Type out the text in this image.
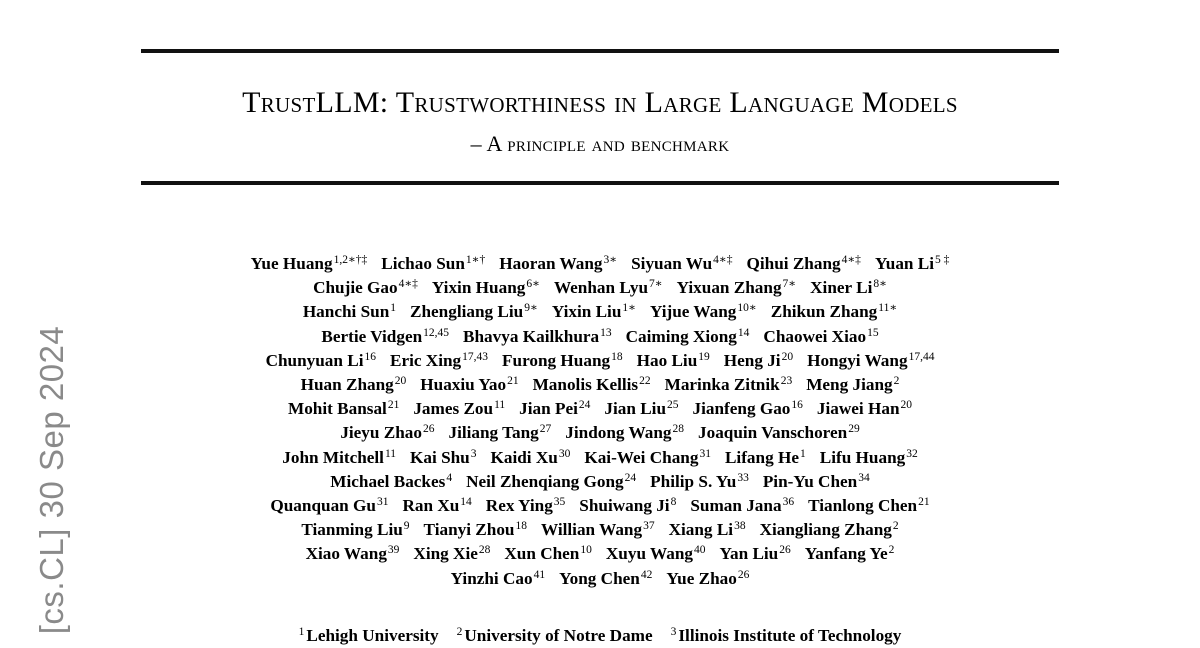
TrustLLM: Trustworthiness in Large Language Models
– A principle and benchmark
[cs.CL] 30 Sep 2024
Yue Huang$^{1,2∗\dagger\ddagger}$ Lichao Sun$^{1∗\dagger}$ Haoran Wang$^{3∗}$ Siyuan $Wu^{4∗\ddagger}$ Qihui Zhang$^{4∗\ddagger}$ Yuan $Li^{5 \ddagger}$
Chujie Gao$^{4∗\ddagger}$ Yixin Huang$^{6∗}$ Wenhan Lyu$^{7∗}$ Yixuan Zhang$^{7∗}$ Xiner $Li^{8∗}$
Hanchi Sun$^1$ Zhengliang Liu$^{9∗}$ Yixin Liu$^{1∗}$ Yijue Wang$^{10∗}$ Zhikun Zhang$^{11∗}$
Bertie Vidgen$^{12,45}$ Bhavya Kailkhura$^{13}$ Caiming Xiong$^{14}$ Chaowei Xiao$^{15}$
Chunyuan Li$^{16}$ Eric Xing$^{17,43}$ Furong Huang$^{18}$ Hao Liu$^{19}$ Heng Ji$^{20}$ Hongyi Wang$^{17,44}$
Huan Zhang$^{20}$ Huaxiu Yao$^{21}$ Manolis Kellis$^{22}$ Marinka Zitnik$^{23}$ Meng Jiang$^2$
Mohit Bansal$^{21}$ James Zou$^{11}$ Jian Pei$^{24}$ Jian Liu$^{25}$ Jianfeng Gao$^{16}$ Jiawei Han$^{20}$
Jieyu Zhao$^{26}$ Jiliang Tang$^{27}$ Jindong Wang$^{28}$ Joaquin Vanschoren$^{29}$
John Mitchell$^{11}$ Kai Shu$^3$ Kaidi Xu$^{30}$ Kai-Wei Chang$^{31}$ Lifang He$^1$ Lifu Huang$^{32}$
Michael Backes$^4$ Neil Zhenqiang Gong$^{24}$ Philip S. Yu$^{33}$ Pin-Yu Chen$^{34}$
Quanquan Gu$^{31}$ Ran Xu$^{14}$ Rex Ying$^{35}$ Shuiwang Ji$^8$ Suman Jana$^{36}$ Tianlong Chen$^{21}$
Tianming Liu$^9$ Tianyi Zhou$^{18}$ Willian Wang$^{37}$ Xiang Li$^{38}$ Xiangliang Zhang$^2$
Xiao Wang$^{39}$ Xing Xie$^{28}$ Xun Chen$^{10}$ Xuyu Wang$^{40}$ Yan Liu$^{26}$ Yanfang Ye$^2$
Yinzhi Cao$^{41}$ Yong Chen$^{42}$ Yue Zhao$^{26}$
$^1$ Lehigh University $^2$ University of Notre Dame $^3$ Illinois Institute of Technology
